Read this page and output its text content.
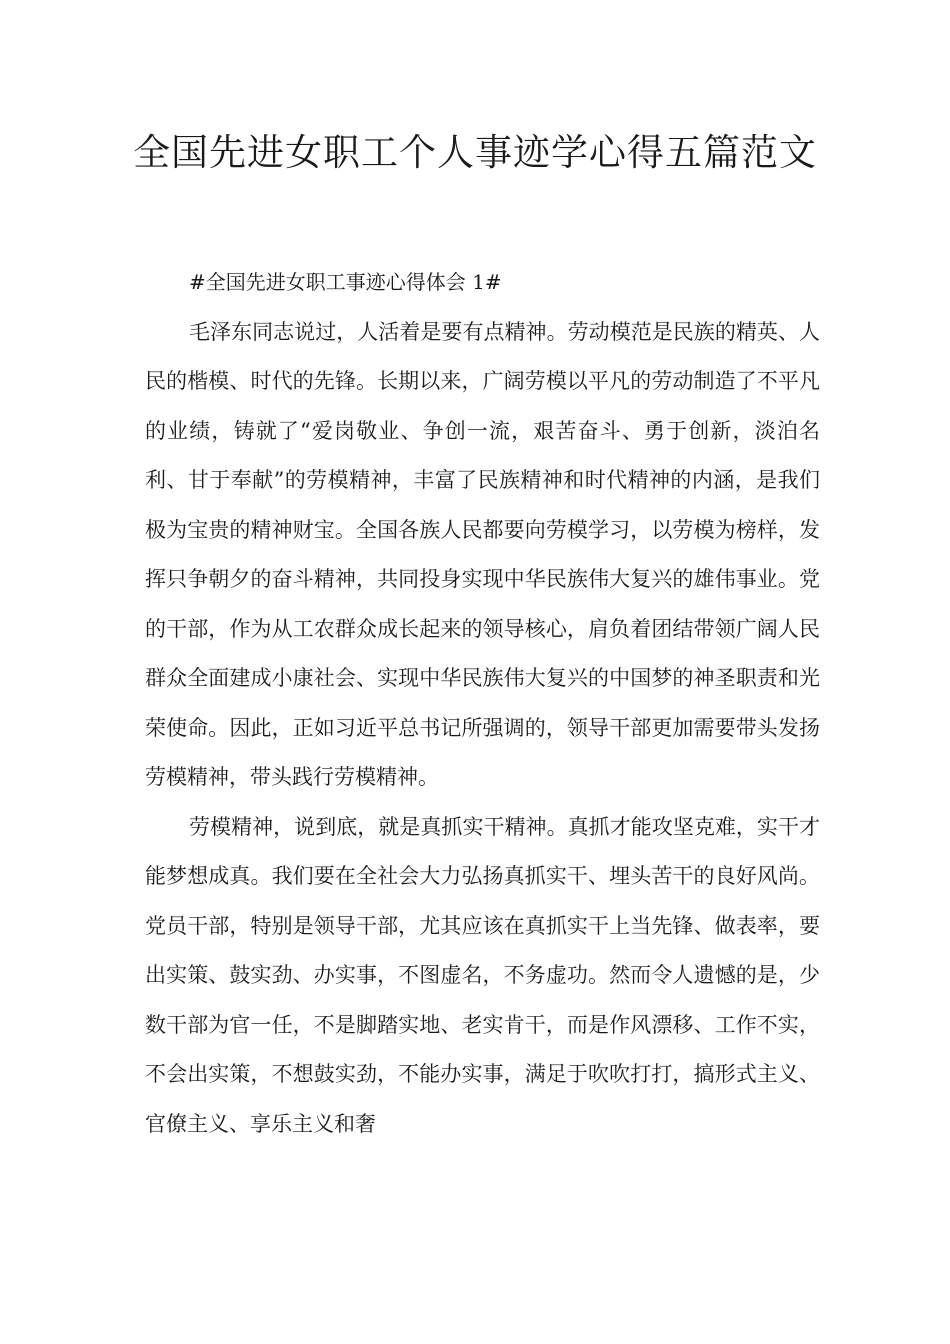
全国先进女职工个人事迹学心得五篇范文

#全国先进女职工事迹心得体会 1#

毛泽东同志说过，人活着是要有点精神。劳动模范是民族的精英、人民的楷模、时代的先锋。长期以来，广阔劳模以平凡的劳动制造了不平凡的业绩，铸就了“爱岗敬业、争创一流，艰苦奋斗、勇于创新，淡泊名利、甘于奉献”的劳模精神，丰富了民族精神和时代精神的内涵，是我们极为宝贵的精神财宝。全国各族人民都要向劳模学习，以劳模为榜样，发挥只争朝夕的奋斗精神，共同投身实现中华民族伟大复兴的雄伟事业。党的干部，作为从工农群众成长起来的领导核心，肩负着团结带领广阔人民群众全面建成小康社会、实现中华民族伟大复兴的中国梦的神圣职责和光荣使命。因此，正如习近平总书记所强调的，领导干部更加需要带头发扬劳模精神，带头践行劳模精神。

劳模精神，说到底，就是真抓实干精神。真抓才能攻坚克难，实干才能梦想成真。我们要在全社会大力弘扬真抓实干、埋头苦干的良好风尚。党员干部，特别是领导干部，尤其应该在真抓实干上当先锋、做表率，要出实策、鼓实劲、办实事，不图虚名，不务虚功。然而令人遗憾的是，少数干部为官一任，不是脚踏实地、老实肯干，而是作风漂移、工作不实，不会出实策，不想鼓实劲，不能办实事，满足于吹吹打打，搞形式主义、官僚主义、享乐主义和奢
